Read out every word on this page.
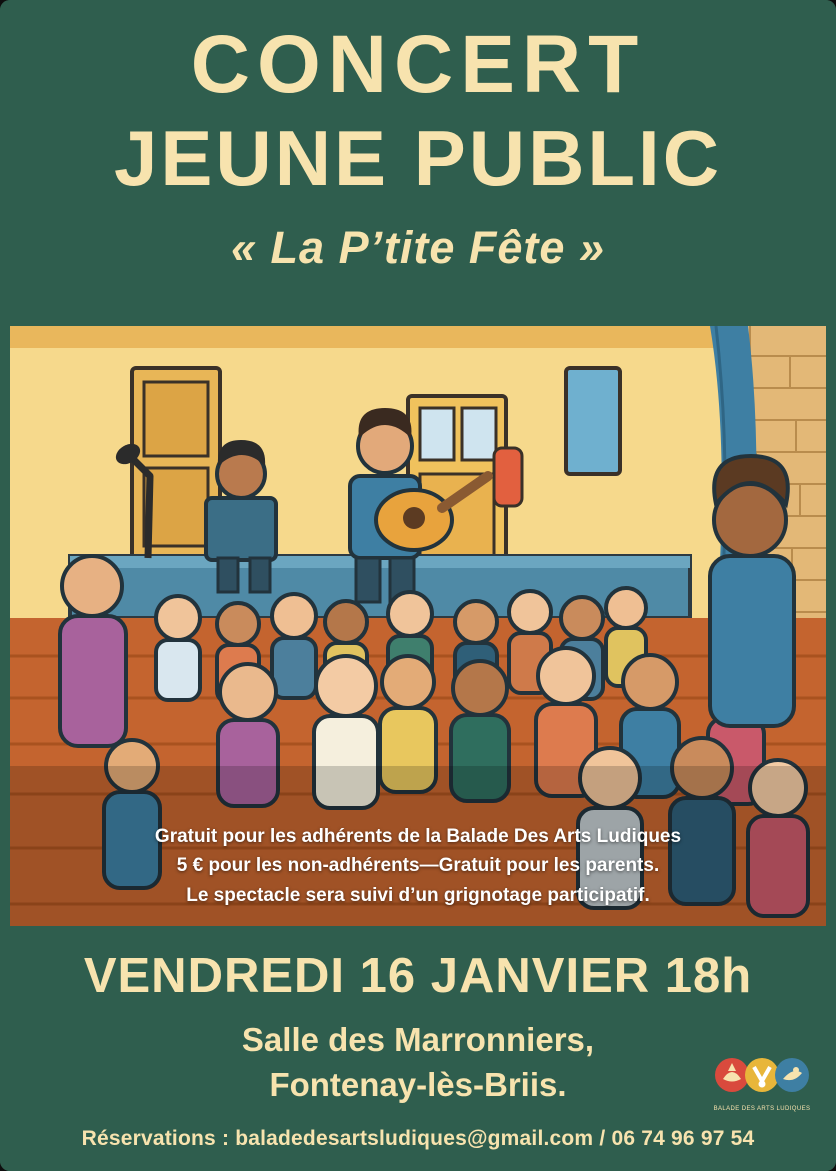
CONCERT
JEUNE PUBLIC

« La P’tite Fête »

Gratuit pour les adhérents de la Balade Des Arts Ludiques
5 € pour les non-adhérents—Gratuit pour les parents.
Le spectacle sera suivi d’un grignotage participatif.

VENDREDI 16 JANVIER 18h

Salle des Marronniers,

Fontenay-lès-Briis.

Réservations : baladedesartsludiques@gmail.com / 06 74 96 97 54

BALADE DES ARTS LUDIQUES
